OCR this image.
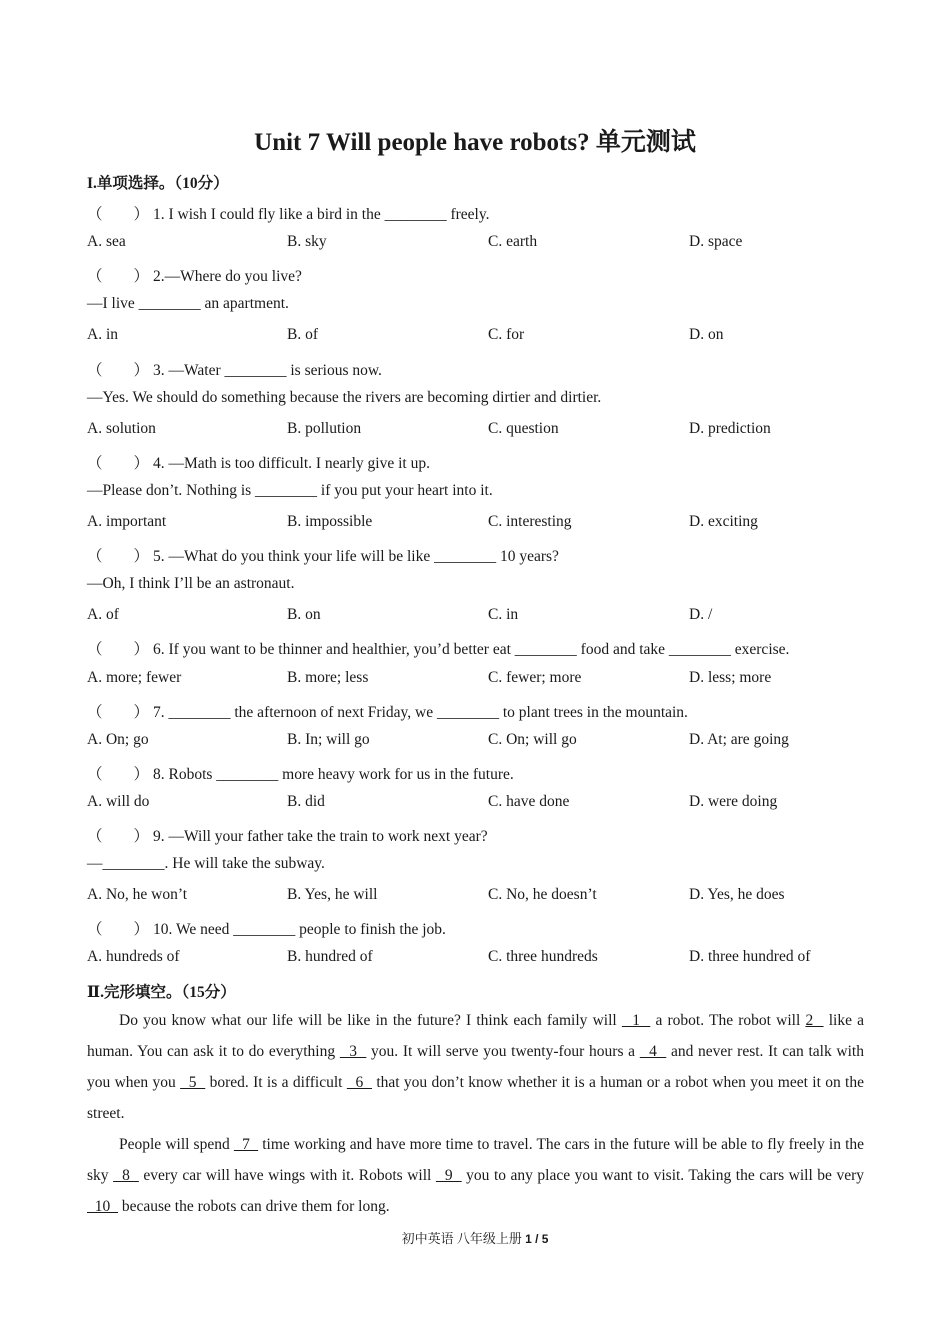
Unit 7 Will people have robots? 单元测试
I.单项选择。（10分）
（　　） 1. I wish I could fly like a bird in the ________ freely.
A. sea	B. sky	C. earth	D. space
（　　） 2.—Where do you live?
—I live ________ an apartment.
A. in	B. of	C. for	D. on
（　　） 3. —Water ________ is serious now.
—Yes. We should do something because the rivers are becoming dirtier and dirtier.
A. solution	B. pollution	C. question	D. prediction
（　　） 4. —Math is too difficult. I nearly give it up.
—Please don’t. Nothing is ________ if you put your heart into it.
A. important	B. impossible	C. interesting	D. exciting
（　　） 5. —What do you think your life will be like ________ 10 years?
—Oh, I think I’ll be an astronaut.
A. of	B. on	C. in	D. /
（　　） 6. If you want to be thinner and healthier, you’d better eat ________ food and take ________ exercise.
A. more; fewer	B. more; less	C. fewer; more	D. less; more
（　　） 7. ________ the afternoon of next Friday, we ________ to plant trees in the mountain.
A. On; go	B. In; will go	C. On; will go	D. At; are going
（　　） 8. Robots ________ more heavy work for us in the future.
A. will do	B. did	C. have done	D. were doing
（　　） 9. —Will your father take the train to work next year?
—________. He will take the subway.
A. No, he won’t	B. Yes, he will	C. No, he doesn’t	D. Yes, he does
（　　） 10. We need ________ people to finish the job.
A. hundreds of	B. hundred of	C. three hundreds	D. three hundred of
Ⅱ.完形填空。（15分）

Do you know what our life will be like in the future? I think each family will   1   a robot. The robot will 2   like a human. You can ask it to do everything   3   you. It will serve you twenty-four hours a   4   and never rest. It can talk with you when you   5   bored. It is a difficult   6   that you don’t know whether it is a human or a robot when you meet it on the street.

People will spend   7   time working and have more time to travel. The cars in the future will be able to fly freely in the sky   8   every car will have wings with it. Robots will   9   you to any place you want to visit. Taking the cars will be very   10   because the robots can drive them for long.

初中英语 八年级上册 1 / 5
